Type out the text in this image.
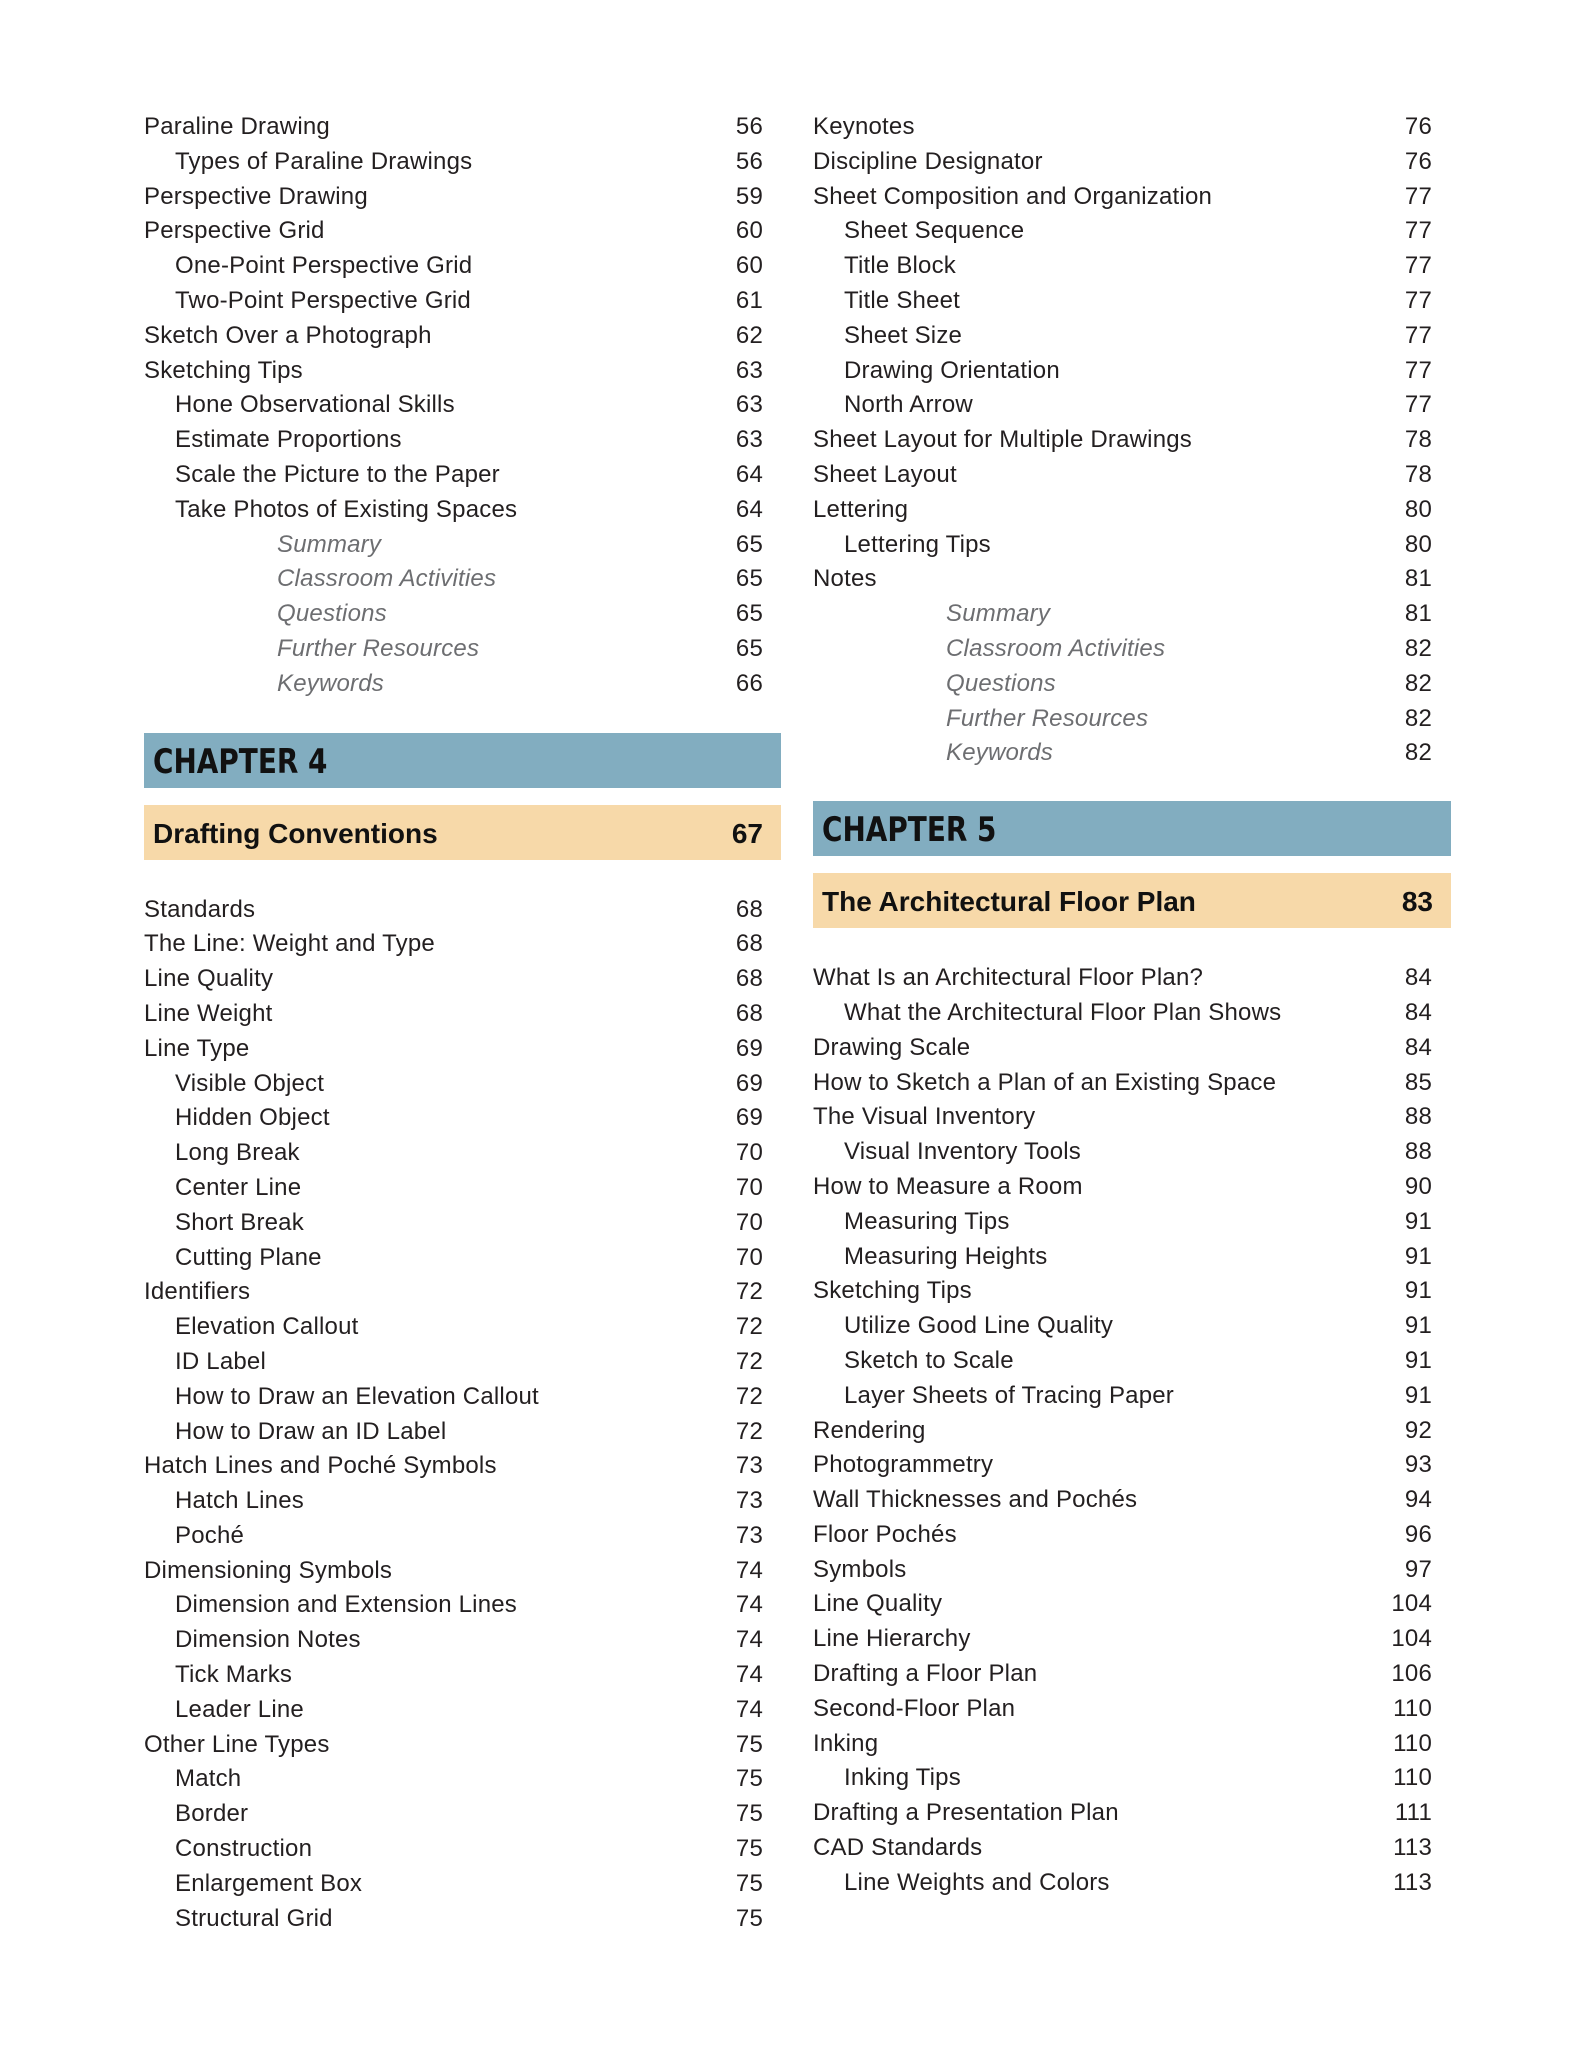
Paraline Drawing	56
Types of Paraline Drawings	56
Perspective Drawing	59
Perspective Grid	60
One-Point Perspective Grid	60
Two-Point Perspective Grid	61
Sketch Over a Photograph	62
Sketching Tips	63
Hone Observational Skills	63
Estimate Proportions	63
Scale the Picture to the Paper	64
Take Photos of Existing Spaces	64
Summary	65
Classroom Activities	65
Questions	65
Further Resources	65
Keywords	66
CHAPTER 4
Drafting Conventions	67
Standards	68
The Line: Weight and Type	68
Line Quality	68
Line Weight	68
Line Type	69
Visible Object	69
Hidden Object	69
Long Break	70
Center Line	70
Short Break	70
Cutting Plane	70
Identifiers	72
Elevation Callout	72
ID Label	72
How to Draw an Elevation Callout	72
How to Draw an ID Label	72
Hatch Lines and Poché Symbols	73
Hatch Lines	73
Poché	73
Dimensioning Symbols	74
Dimension and Extension Lines	74
Dimension Notes	74
Tick Marks	74
Leader Line	74
Other Line Types	75
Match	75
Border	75
Construction	75
Enlargement Box	75
Structural Grid	75
Keynotes	76
Discipline Designator	76
Sheet Composition and Organization	77
Sheet Sequence	77
Title Block	77
Title Sheet	77
Sheet Size	77
Drawing Orientation	77
North Arrow	77
Sheet Layout for Multiple Drawings	78
Sheet Layout	78
Lettering	80
Lettering Tips	80
Notes	81
Summary	81
Classroom Activities	82
Questions	82
Further Resources	82
Keywords	82
CHAPTER 5
The Architectural Floor Plan	83
What Is an Architectural Floor Plan?	84
What the Architectural Floor Plan Shows	84
Drawing Scale	84
How to Sketch a Plan of an Existing Space	85
The Visual Inventory	88
Visual Inventory Tools	88
How to Measure a Room	90
Measuring Tips	91
Measuring Heights	91
Sketching Tips	91
Utilize Good Line Quality	91
Sketch to Scale	91
Layer Sheets of Tracing Paper	91
Rendering	92
Photogrammetry	93
Wall Thicknesses and Pochés	94
Floor Pochés	96
Symbols	97
Line Quality	104
Line Hierarchy	104
Drafting a Floor Plan	106
Second-Floor Plan	110
Inking	110
Inking Tips	110
Drafting a Presentation Plan	111
CAD Standards	113
Line Weights and Colors	113
